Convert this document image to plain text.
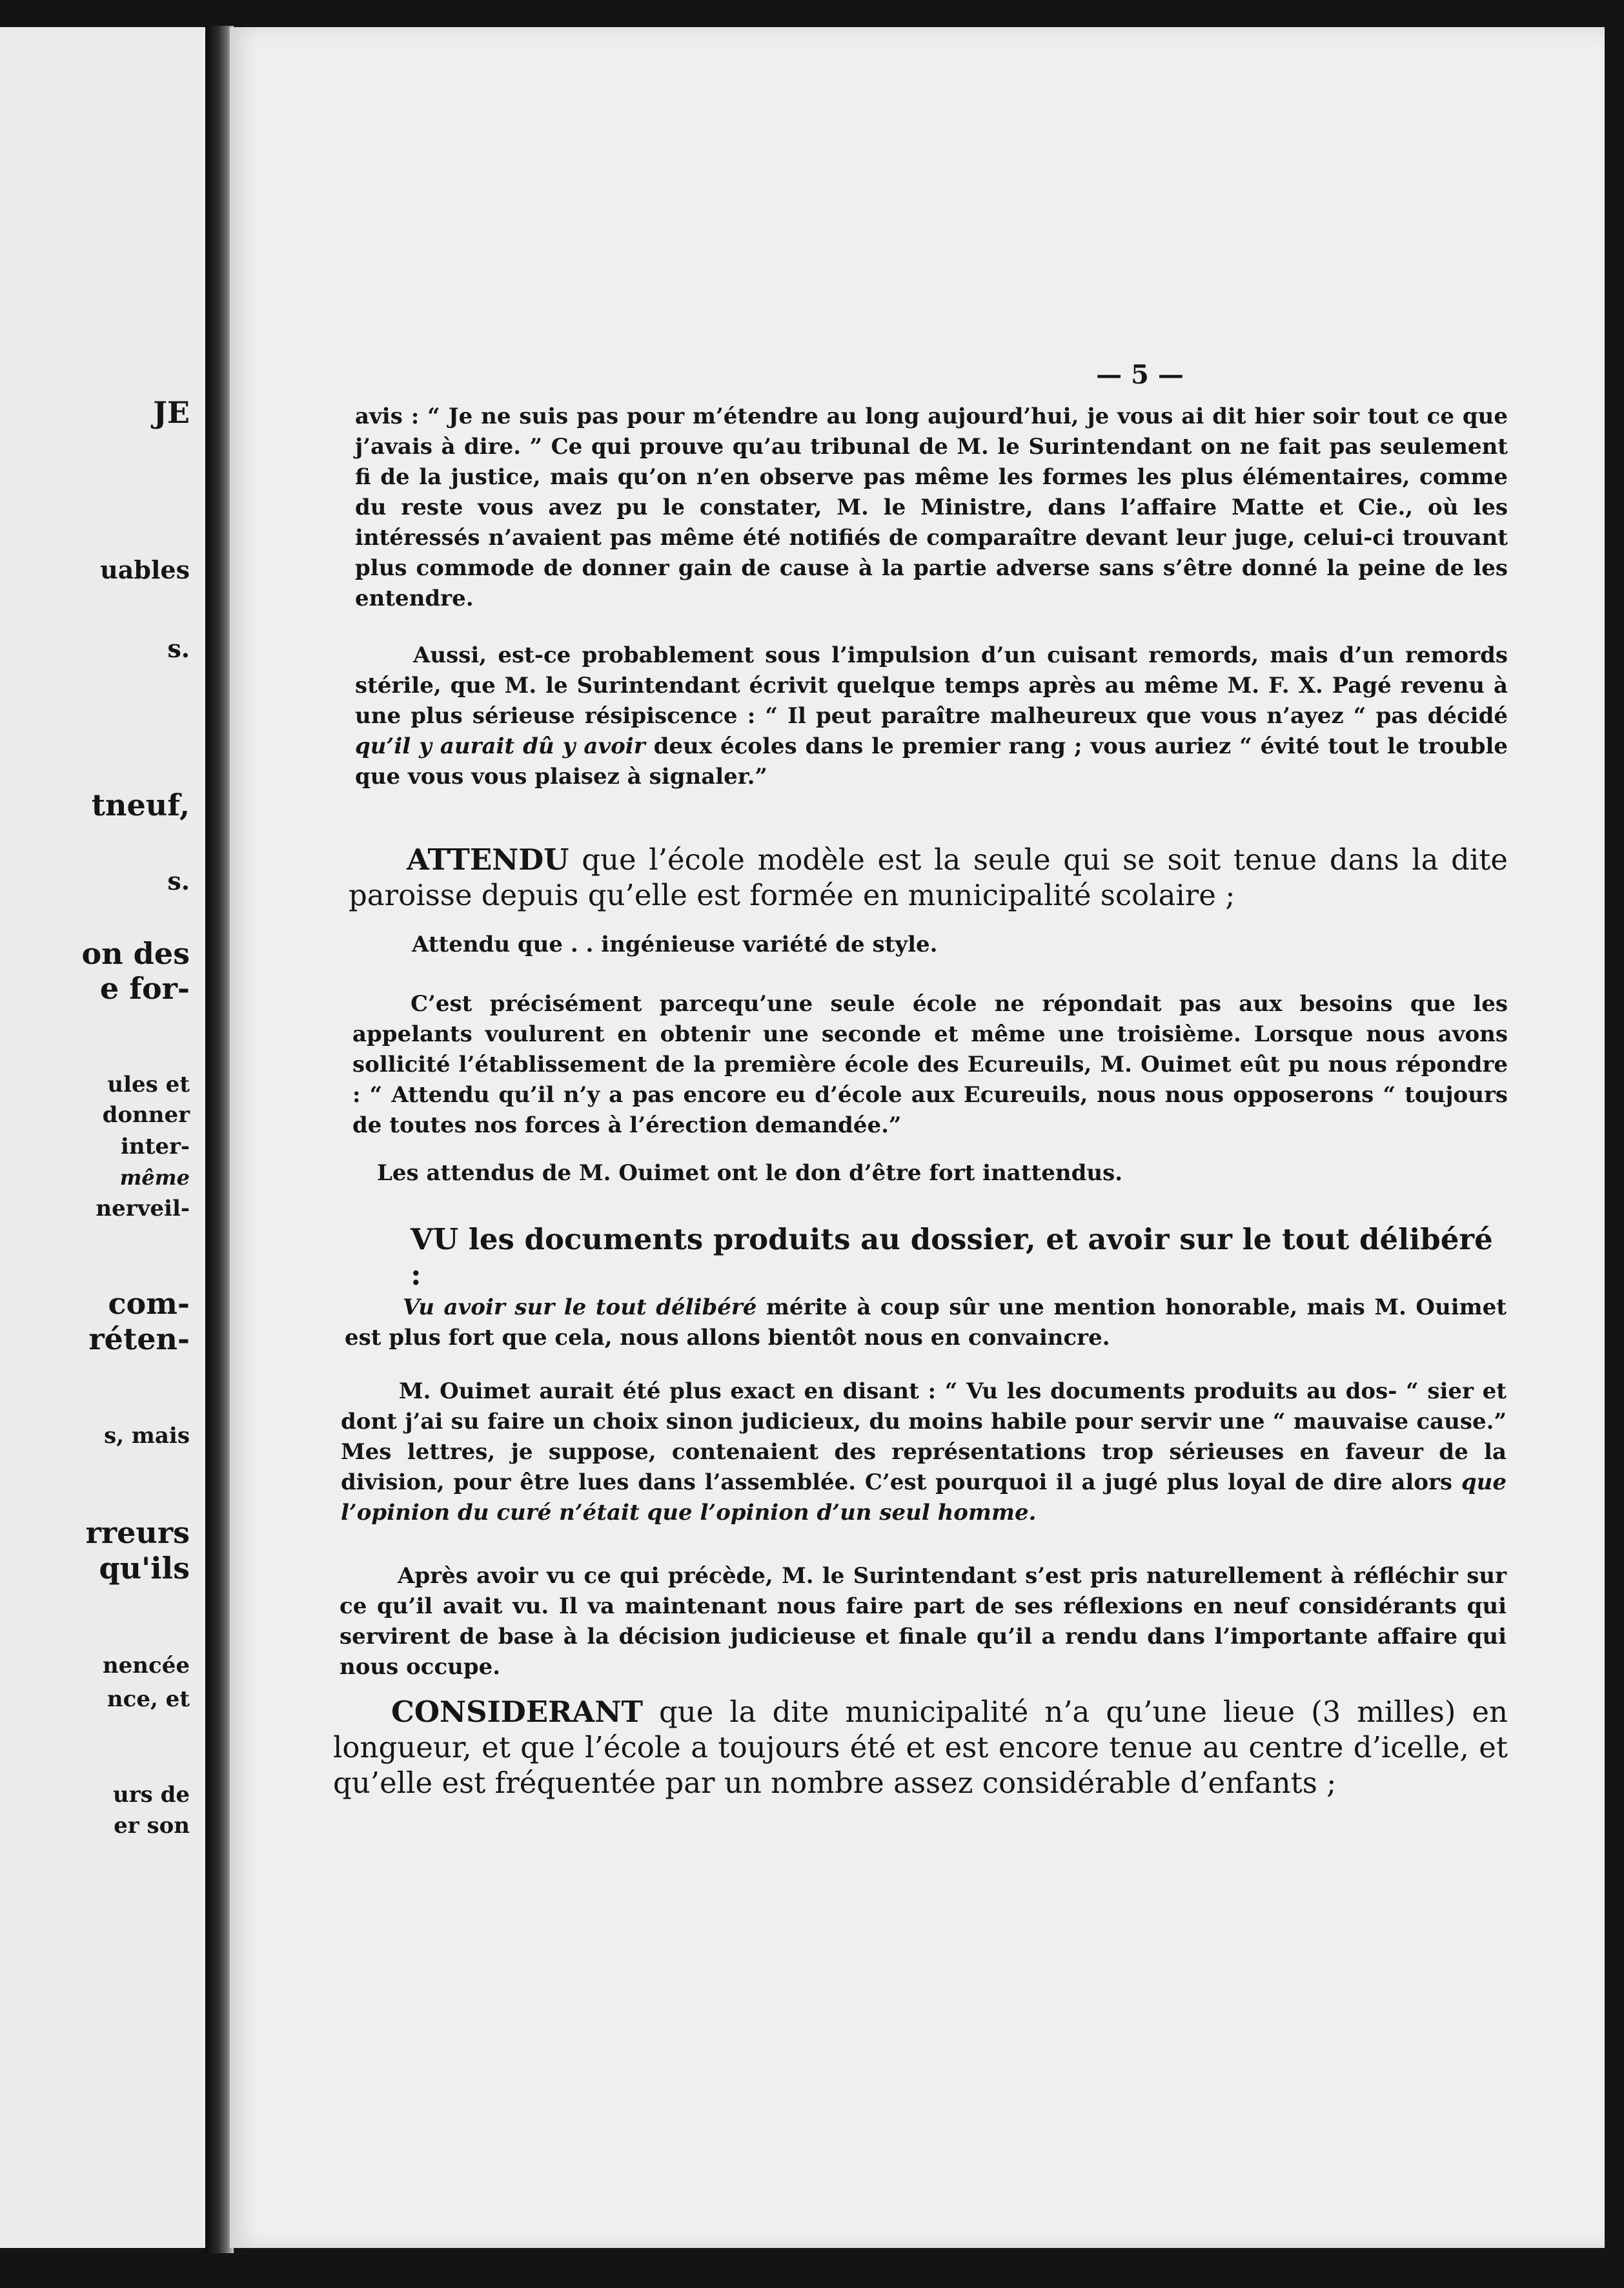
JE
uables
s.
tneuf,
s.
on des
e for-
ules et
donner
inter-
même
nerveil-
com-
réten-
s, mais
rreurs
qu'ils
nencée
nce, et
urs de
er son
— 5 —

avis : “ Je ne suis pas pour m’étendre au long aujourd’hui, je vous ai dit hier soir tout ce que j’avais à dire. ” Ce qui prouve qu’au tribunal de M. le Surintendant on ne fait pas seulement fi de la justice, mais qu’on n’en observe pas même les formes les plus élémentaires, comme du reste vous avez pu le constater, M. le Ministre, dans l’affaire Matte et Cie., où les intéressés n’avaient pas même été notifiés de comparaître devant leur juge, celui-ci trouvant plus commode de donner gain de cause à la partie adverse sans s’être donné la peine de les entendre.

Aussi, est-ce probablement sous l’impulsion d’un cuisant remords, mais d’un remords stérile, que M. le Surintendant écrivit quelque temps après au même M. F. X. Pagé revenu à une plus sérieuse résipiscence : “ Il peut paraître malheureux que vous n’ayez “ pas décidé qu’il y aurait dû y avoir deux écoles dans le premier rang ; vous auriez “ évité tout le trouble que vous vous plaisez à signaler.”

ATTENDU que l’école modèle est la seule qui se soit tenue dans la dite paroisse depuis qu’elle est formée en municipalité scolaire ;

Attendu que . . ingénieuse variété de style.

C’est précisément parcequ’une seule école ne répondait pas aux besoins que les appelants voulurent en obtenir une seconde et même une troisième. Lorsque nous avons sollicité l’établissement de la première école des Ecureuils, M. Ouimet eût pu nous répondre : “ Attendu qu’il n’y a pas encore eu d’école aux Ecureuils, nous nous opposerons “ toujours de toutes nos forces à l’érection demandée.”

Les attendus de M. Ouimet ont le don d’être fort inattendus.

VU les documents produits au dossier, et avoir sur le tout délibéré :

Vu avoir sur le tout délibéré mérite à coup sûr une mention honorable, mais M. Ouimet est plus fort que cela, nous allons bientôt nous en convaincre.

M. Ouimet aurait été plus exact en disant : “ Vu les documents produits au dos- “ sier et dont j’ai su faire un choix sinon judicieux, du moins habile pour servir une “ mauvaise cause.” Mes lettres, je suppose, contenaient des représentations trop sérieuses en faveur de la division, pour être lues dans l’assemblée. C’est pourquoi il a jugé plus loyal de dire alors que l’opinion du curé n’était que l’opinion d’un seul homme.

Après avoir vu ce qui précède, M. le Surintendant s’est pris naturellement à réfléchir sur ce qu’il avait vu. Il va maintenant nous faire part de ses réflexions en neuf considérants qui servirent de base à la décision judicieuse et finale qu’il a rendu dans l’importante affaire qui nous occupe.

CONSIDERANT que la dite municipalité n’a qu’une lieue (3 milles) en longueur, et que l’école a toujours été et est encore tenue au centre d’icelle, et qu’elle est fréquentée par un nombre assez considérable d’enfants ;
